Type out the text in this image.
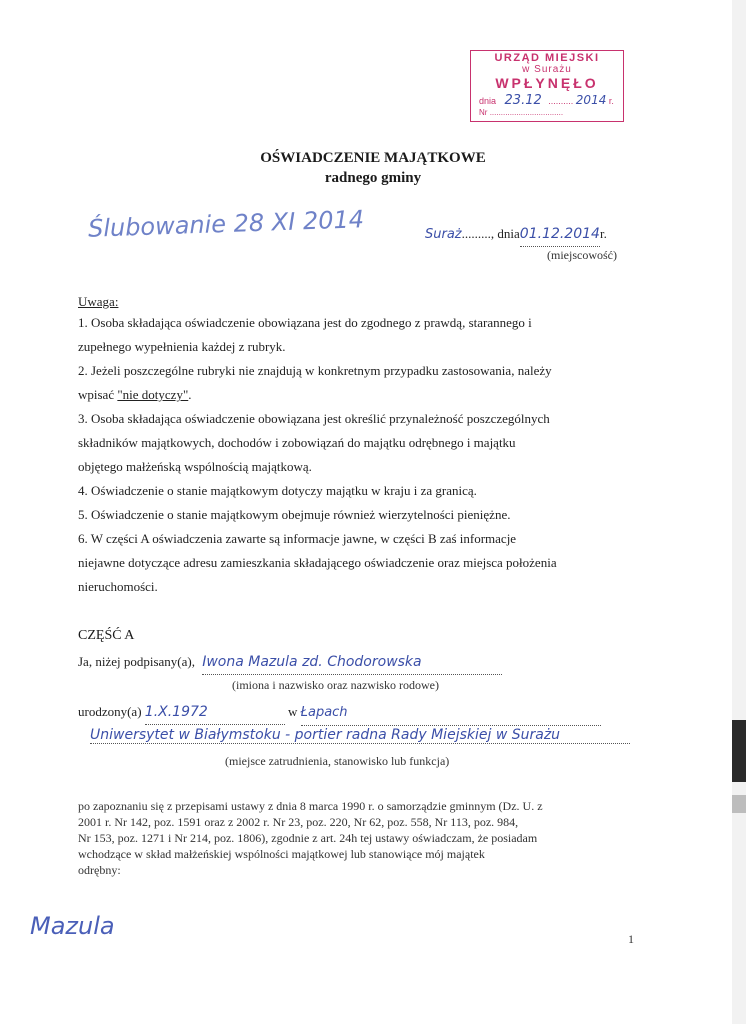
URZĄD MIEJSKI
w Surażu
WPŁYNĘŁO
dnia 23.12 .......... 2014 r.
Nr .................................
OŚWIADCZENIE MAJĄTKOWE
radnego gminy
Ślubowanie 28 XI 2014	Suraż........., dnia01.12.2014r.
(miejscowość)
Uwaga:
1. Osoba składająca oświadczenie obowiązana jest do zgodnego z prawdą, starannego i
zupełnego wypełnienia każdej z rubryk.
2. Jeżeli poszczególne rubryki nie znajdują w konkretnym przypadku zastosowania, należy
wpisać "nie dotyczy".
3. Osoba składająca oświadczenie obowiązana jest określić przynależność poszczególnych
składników majątkowych, dochodów i zobowiązań do majątku odrębnego i majątku
objętego małżeńską wspólnością majątkową.
4. Oświadczenie o stanie majątkowym dotyczy majątku w kraju i za granicą.
5. Oświadczenie o stanie majątkowym obejmuje również wierzytelności pieniężne.
6. W części A oświadczenia zawarte są informacje jawne, w części B zaś informacje
niejawne dotyczące adresu zamieszkania składającego oświadczenie oraz miejsca położenia
nieruchomości.
CZĘŚĆ A
Ja, niżej podpisany(a), Iwona Mazula zd. Chodorowska
(imiona i nazwisko oraz nazwisko rodowe)
urodzony(a) 1.X.1972	w Łapach
Uniwersytet w Białymstoku - portier radna Rady Miejskiej w Surażu
(miejsce zatrudnienia, stanowisko lub funkcja)
po zapoznaniu się z przepisami ustawy z dnia 8 marca 1990 r. o samorządzie gminnym (Dz. U. z
2001 r. Nr 142, poz. 1591 oraz z 2002 r. Nr 23, poz. 220, Nr 62, poz. 558, Nr 113, poz. 984,
Nr 153, poz. 1271 i Nr 214, poz. 1806), zgodnie z art. 24h tej ustawy oświadczam, że posiadam
wchodzące w skład małżeńskiej wspólności majątkowej lub stanowiące mój majątek
odrębny:
Mazula	1
